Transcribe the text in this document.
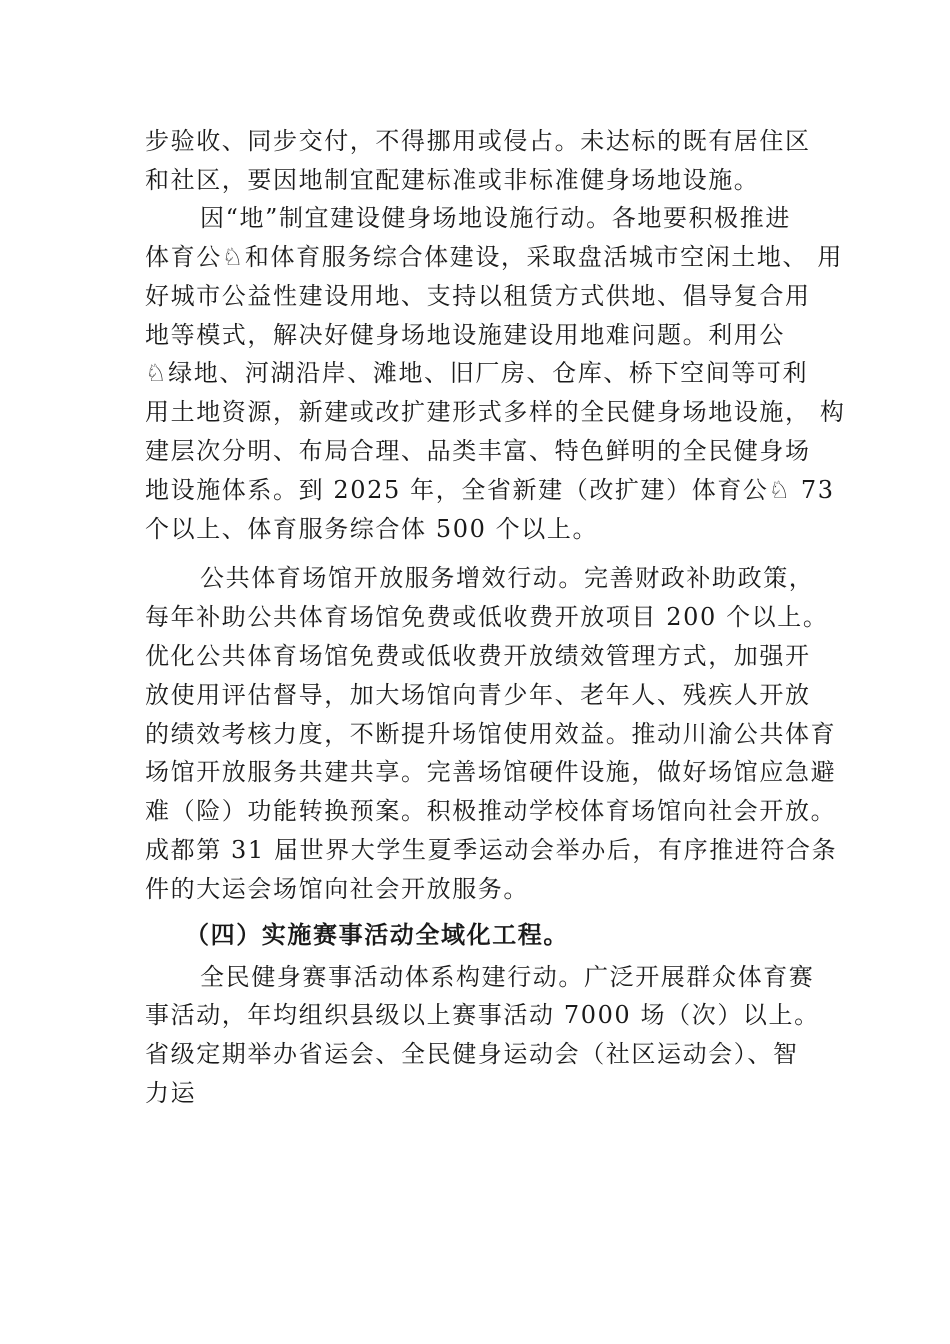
步验收、同步交付，不得挪用或侵占。未达标的既有居住区
和社区，要因地制宜配建标准或非标准健身场地设施。
因“地”制宜建设健身场地设施行动。各地要积极推进
体育公♘和体育服务综合体建设，采取盘活城市空闲土地、 用
好城市公益性建设用地、支持以租赁方式供地、倡导复合用
地等模式，解决好健身场地设施建设用地难问题。利用公
♘绿地、河湖沿岸、滩地、旧厂房、仓库、桥下空间等可利
用土地资源，新建或改扩建形式多样的全民健身场地设施， 构
建层次分明、布局合理、品类丰富、特色鲜明的全民健身场
地设施体系。到 2025 年，全省新建（改扩建）体育公♘ 73
个以上、体育服务综合体 500 个以上。
公共体育场馆开放服务增效行动。完善财政补助政策，
每年补助公共体育场馆免费或低收费开放项目 200 个以上。
优化公共体育场馆免费或低收费开放绩效管理方式，加强开
放使用评估督导，加大场馆向青少年、老年人、残疾人开放
的绩效考核力度，不断提升场馆使用效益。推动川渝公共体育
场馆开放服务共建共享。完善场馆硬件设施，做好场馆应急避
难（险）功能转换预案。积极推动学校体育场馆向社会开放。
成都第 31 届世界大学生夏季运动会举办后，有序推进符合条
件的大运会场馆向社会开放服务。
（四）实施赛事活动全域化工程。
全民健身赛事活动体系构建行动。广泛开展群众体育赛
事活动，年均组织县级以上赛事活动 7000 场（次）以上。
省级定期举办省运会、全民健身运动会（社区运动会）、智
力运
